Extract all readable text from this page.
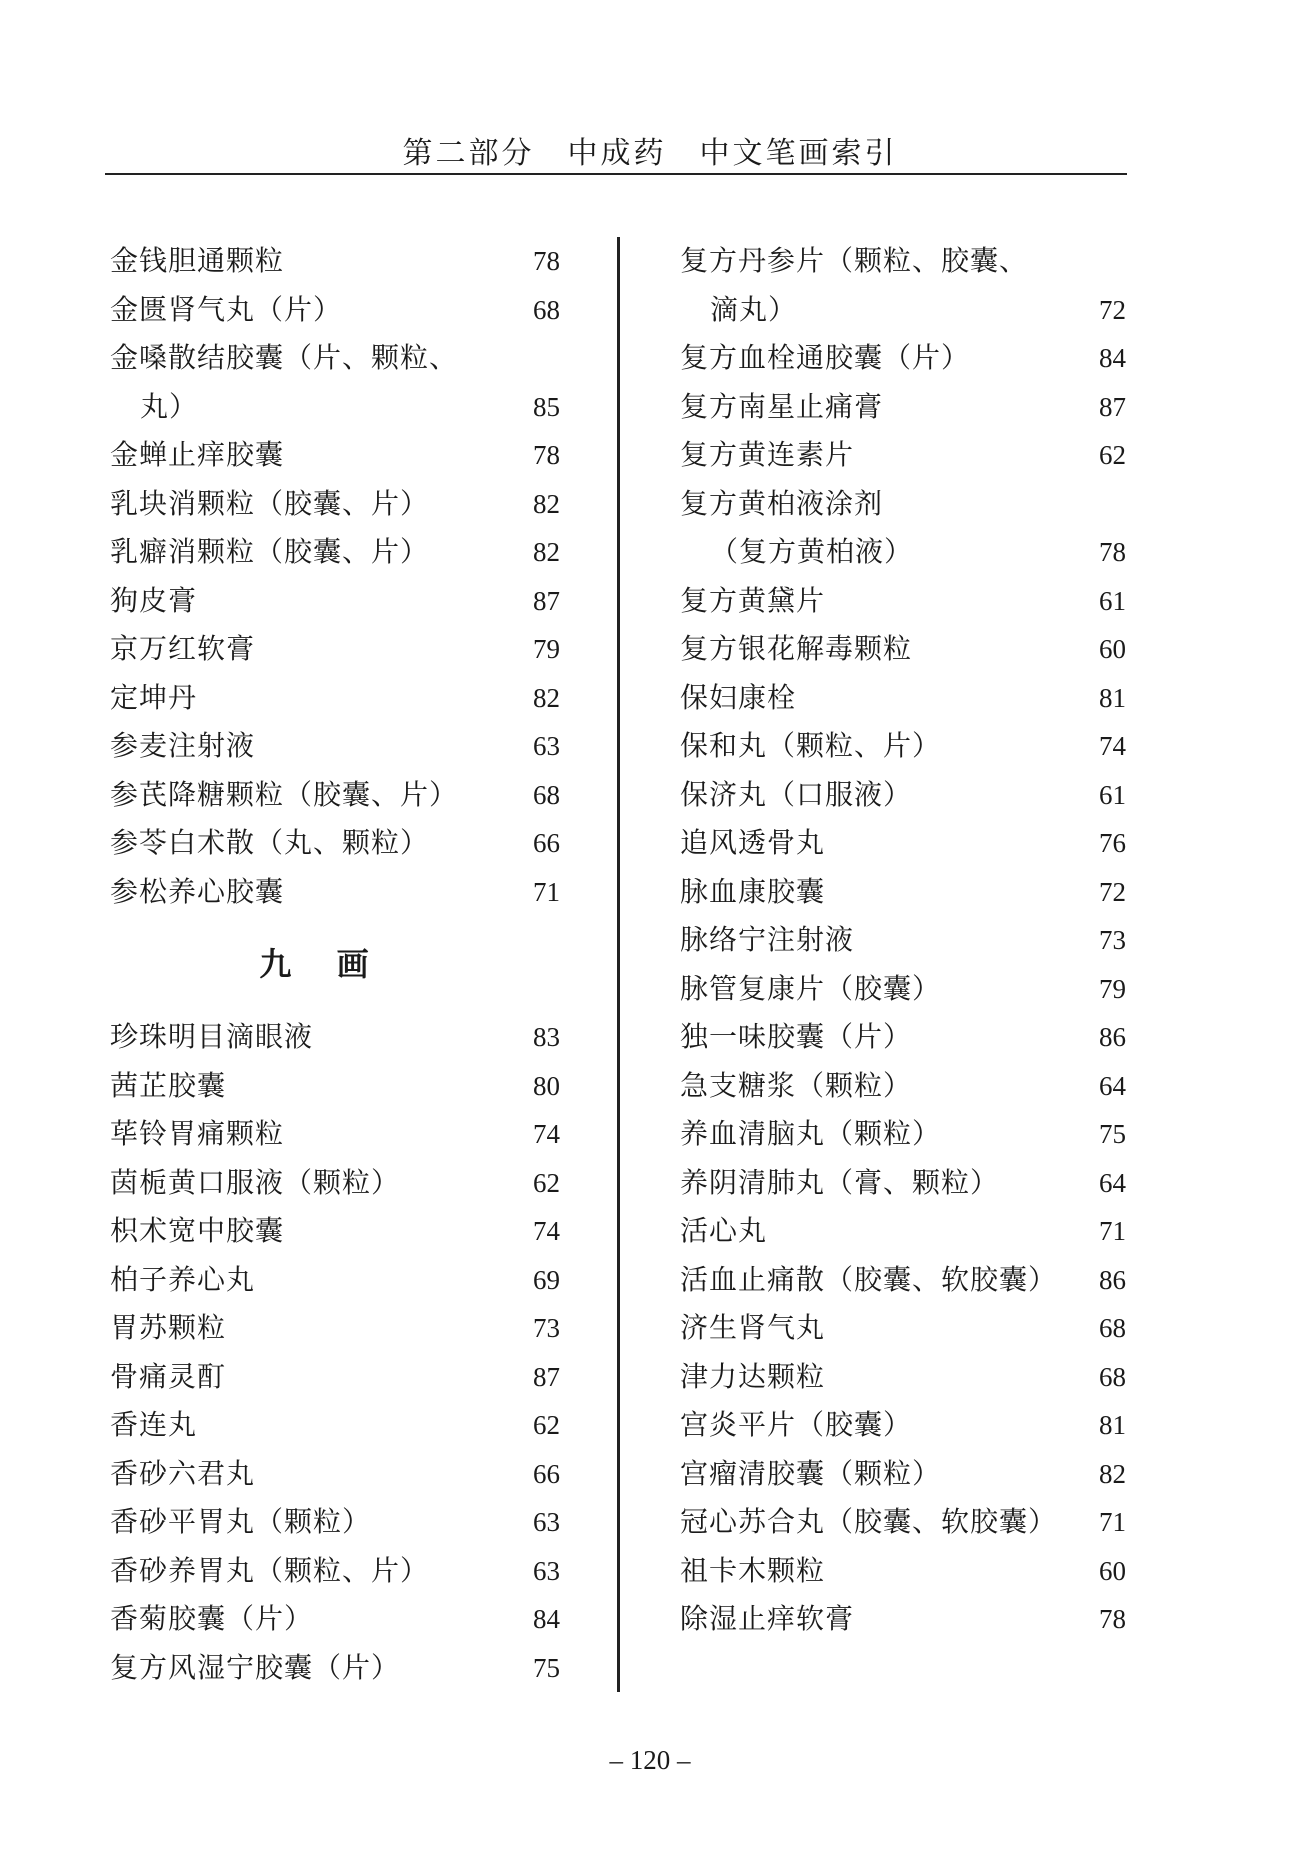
第二部分　中成药　中文笔画索引
金钱胆通颗粒	78
金匮肾气丸（片）	68
金嗓散结胶囊（片、颗粒、
丸）	85
金蝉止痒胶囊	78
乳块消颗粒（胶囊、片）	82
乳癖消颗粒（胶囊、片）	82
狗皮膏	87
京万红软膏	79
定坤丹	82
参麦注射液	63
参芪降糖颗粒（胶囊、片）	68
参苓白术散（丸、颗粒）	66
参松养心胶囊	71
九 画
珍珠明目滴眼液	83
茜芷胶囊	80
荜铃胃痛颗粒	74
茵栀黄口服液（颗粒）	62
枳术宽中胶囊	74
柏子养心丸	69
胃苏颗粒	73
骨痛灵酊	87
香连丸	62
香砂六君丸	66
香砂平胃丸（颗粒）	63
香砂养胃丸（颗粒、片）	63
香菊胶囊（片）	84
复方风湿宁胶囊（片）	75
复方丹参片（颗粒、胶囊、
滴丸）	72
复方血栓通胶囊（片）	84
复方南星止痛膏	87
复方黄连素片	62
复方黄柏液涂剂
（复方黄柏液）	78
复方黄黛片	61
复方银花解毒颗粒	60
保妇康栓	81
保和丸（颗粒、片）	74
保济丸（口服液）	61
追风透骨丸	76
脉血康胶囊	72
脉络宁注射液	73
脉管复康片（胶囊）	79
独一味胶囊（片）	86
急支糖浆（颗粒）	64
养血清脑丸（颗粒）	75
养阴清肺丸（膏、颗粒）	64
活心丸	71
活血止痛散（胶囊、软胶囊） 86
济生肾气丸	68
津力达颗粒	68
宫炎平片（胶囊）	81
宫瘤清胶囊（颗粒）	82
冠心苏合丸（胶囊、软胶囊） 71
祖卡木颗粒	60
除湿止痒软膏	78
– 120 –
